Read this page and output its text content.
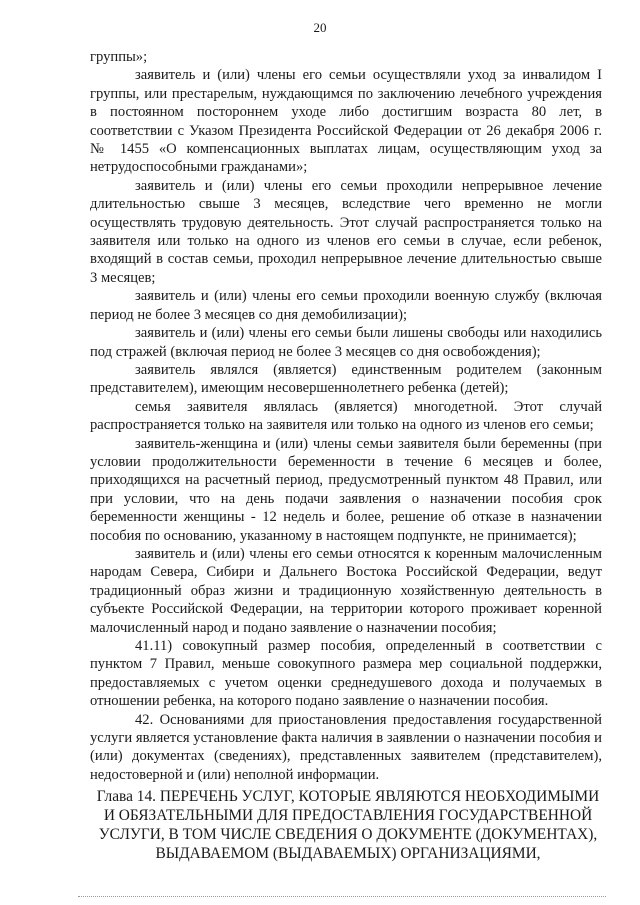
20

группы»;

заявитель и (или) члены его семьи осуществляли уход за инвалидом I группы, или престарелым, нуждающимся по заключению лечебного учреждения в постоянном постороннем уходе либо достигшим возраста 80 лет, в соответствии с Указом Президента Российской Федерации от 26 декабря 2006 г. № 1455 «О компенсационных выплатах лицам, осуществляющим уход за нетрудоспособными гражданами»;

заявитель и (или) члены его семьи проходили непрерывное лечение длительностью свыше 3 месяцев, вследствие чего временно не могли осуществлять трудовую деятельность. Этот случай распространяется только на заявителя или только на одного из членов его семьи в случае, если ребенок, входящий в состав семьи, проходил непрерывное лечение длительностью свыше 3 месяцев;

заявитель и (или) члены его семьи проходили военную службу (включая период не более 3 месяцев со дня демобилизации);

заявитель и (или) члены его семьи были лишены свободы или находились под стражей (включая период не более 3 месяцев со дня освобождения);

заявитель являлся (является) единственным родителем (законным представителем), имеющим несовершеннолетнего ребенка (детей);

семья заявителя являлась (является) многодетной. Этот случай распространяется только на заявителя или только на одного из членов его семьи;

заявитель-женщина и (или) члены семьи заявителя были беременны (при условии продолжительности беременности в течение 6 месяцев и более, приходящихся на расчетный период, предусмотренный пунктом 48 Правил, или при условии, что на день подачи заявления о назначении пособия срок беременности женщины - 12 недель и более, решение об отказе в назначении пособия по основанию, указанному в настоящем подпункте, не принимается);

заявитель и (или) члены его семьи относятся к коренным малочисленным народам Севера, Сибири и Дальнего Востока Российской Федерации, ведут традиционный образ жизни и традиционную хозяйственную деятельность в субъекте Российской Федерации, на территории которого проживает коренной малочисленный народ и подано заявление о назначении пособия;

41.11) совокупный размер пособия, определенный в соответствии с пунктом 7 Правил, меньше совокупного размера мер социальной поддержки, предоставляемых с учетом оценки среднедушевого дохода и получаемых в отношении ребенка, на которого подано заявление о назначении пособия.

42. Основаниями для приостановления предоставления государственной услуги является установление факта наличия в заявлении о назначении пособия и (или) документах (сведениях), представленных заявителем (представителем), недостоверной и (или) неполной информации.

Глава 14. ПЕРЕЧЕНЬ УСЛУГ, КОТОРЫЕ ЯВЛЯЮТСЯ НЕОБХОДИМЫМИ

И ОБЯЗАТЕЛЬНЫМИ ДЛЯ ПРЕДОСТАВЛЕНИЯ ГОСУДАРСТВЕННОЙ

УСЛУГИ, В ТОМ ЧИСЛЕ СВЕДЕНИЯ О ДОКУМЕНТЕ (ДОКУМЕНТАХ),

ВЫДАВАЕМОМ (ВЫДАВАЕМЫХ) ОРГАНИЗАЦИЯМИ,
